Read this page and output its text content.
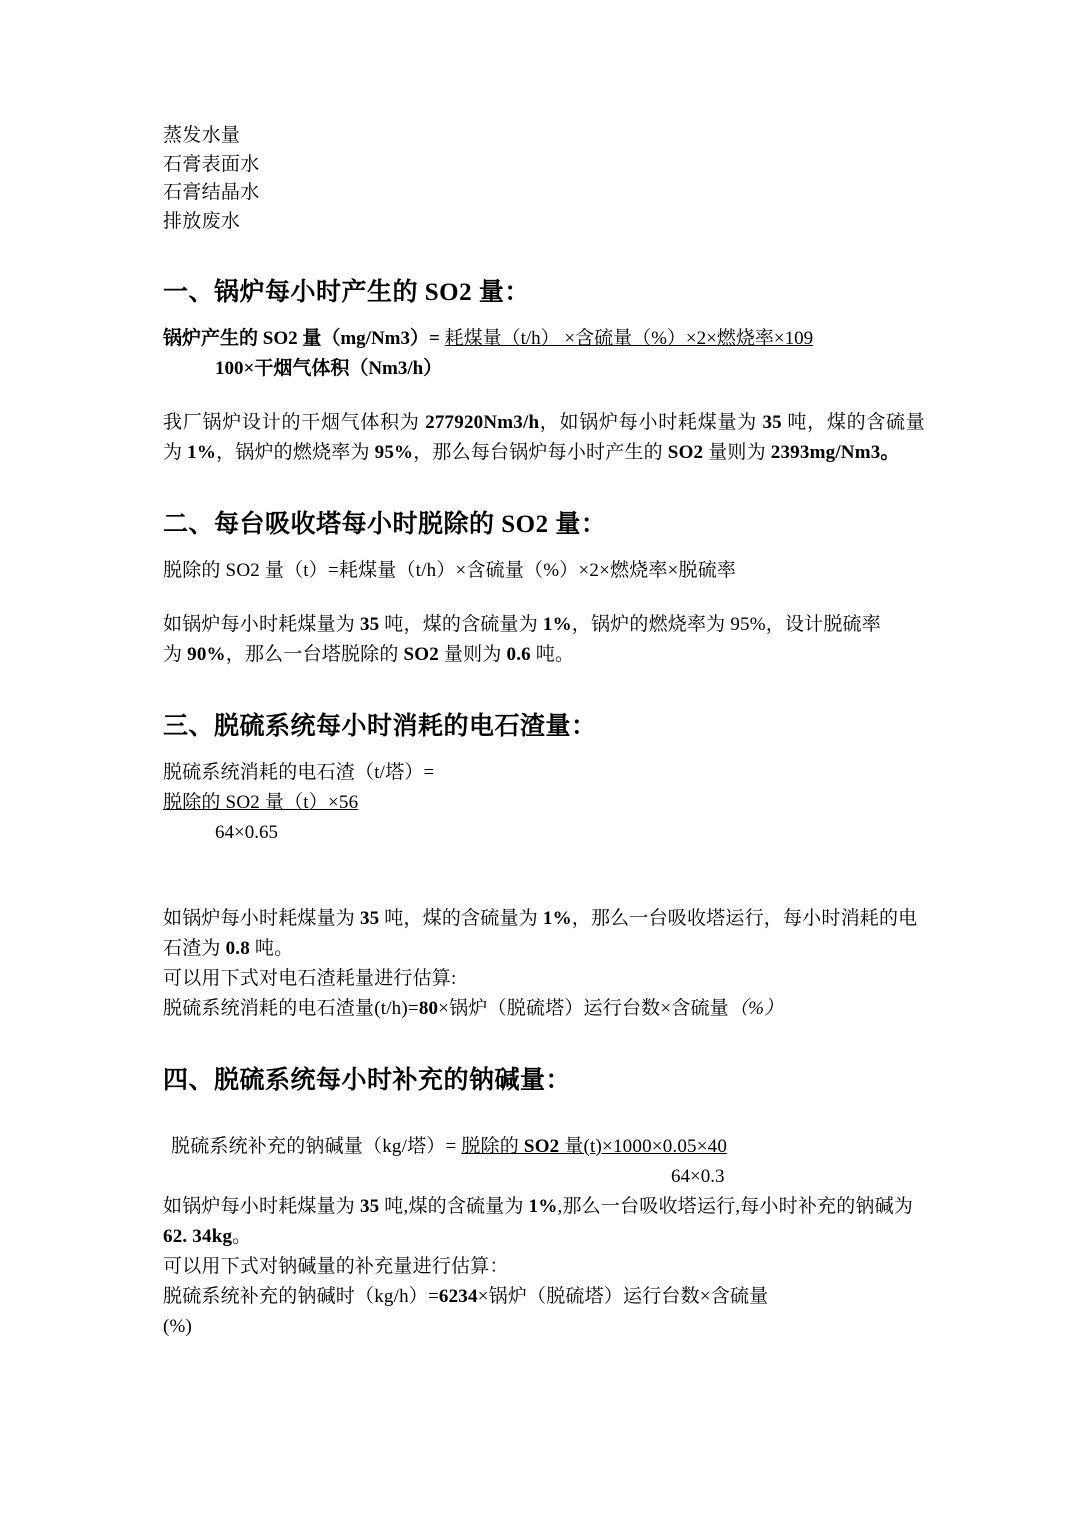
蒸发水量
石膏表面水
石膏结晶水
排放废水
一、锅炉每小时产生的 SO2 量：
锅炉产生的 SO2 量（mg/Nm3）= 耗煤量（t/h） ×含硫量（%）×2×燃烧率×109
100×干烟气体积（Nm3/h）
我厂锅炉设计的干烟气体积为 277920Nm3/h，如锅炉每小时耗煤量为 35 吨，煤的含硫量为 1%，锅炉的燃烧率为 95%，那么每台锅炉每小时产生的 SO2 量则为 2393mg/Nm3。
二、每台吸收塔每小时脱除的 SO2 量：
脱除的 SO2 量（t）=耗煤量（t/h）×含硫量（%）×2×燃烧率×脱硫率
如锅炉每小时耗煤量为 35 吨，煤的含硫量为 1%，锅炉的燃烧率为 95%，设计脱硫率
为 90%，那么一台塔脱除的 SO2 量则为 0.6 吨。
三、脱硫系统每小时消耗的电石渣量：
脱硫系统消耗的电石渣（t/塔）=
脱除的 SO2 量（t）×56
64×0.65
如锅炉每小时耗煤量为 35 吨，煤的含硫量为 1%，那么一台吸收塔运行，每小时消耗的电
石渣为 0.8 吨。
可以用下式对电石渣耗量进行估算:
脱硫系统消耗的电石渣量(t/h)=80×锅炉（脱硫塔）运行台数×含硫量（%）
四、脱硫系统每小时补充的钠碱量：
脱硫系统补充的钠碱量（kg/塔）= 脱除的 SO2 量(t)×1000×0.05×40
64×0.3
如锅炉每小时耗煤量为 35 吨,煤的含硫量为 1%,那么一台吸收塔运行,每小时补充的钠碱为
62. 34kg。
可以用下式对钠碱量的补充量进行估算：
脱硫系统补充的钠碱时（kg/h）=6234×锅炉（脱硫塔）运行台数×含硫量
(%)
